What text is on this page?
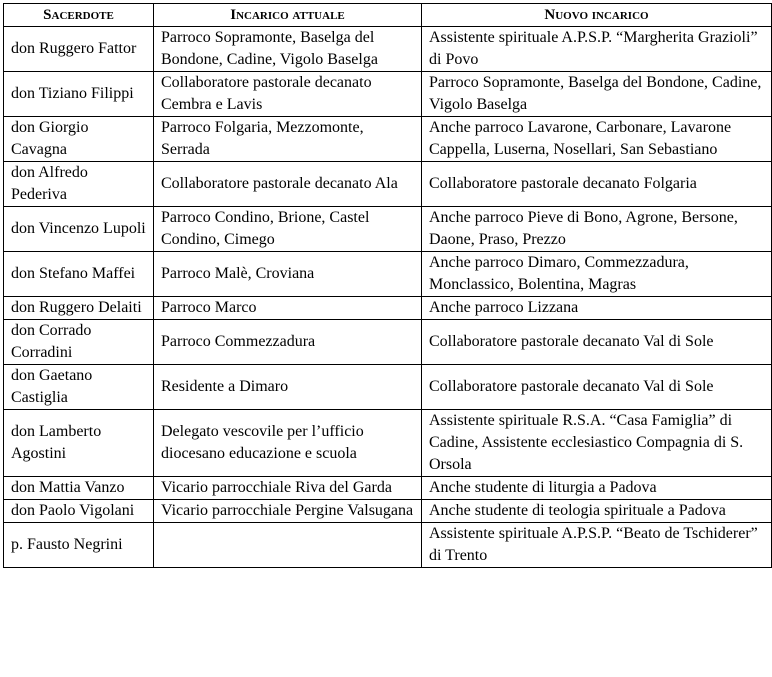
Sacerdote	Incarico attuale	Nuovo incarico
don Ruggero Fattor	Parroco Sopramonte, Baselga del Bondone, Cadine, Vigolo Baselga	Assistente spirituale A.P.S.P. “Margherita Grazioli” di Povo
don Tiziano Filippi	Collaboratore pastorale decanato Cembra e Lavis	Parroco Sopramonte, Baselga del Bondone, Cadine, Vigolo Baselga
don Giorgio Cavagna	Parroco Folgaria, Mezzomonte, Serrada	Anche parroco Lavarone, Carbonare, Lavarone Cappella, Luserna, Nosellari, San Sebastiano
don Alfredo Pederiva	Collaboratore pastorale decanato Ala	Collaboratore pastorale decanato Folgaria
don Vincenzo Lupoli	Parroco Condino, Brione, Castel Condino, Cimego	Anche parroco Pieve di Bono, Agrone, Bersone, Daone, Praso, Prezzo
don Stefano Maffei	Parroco Malè, Croviana	Anche parroco Dimaro, Commezzadura, Monclassico, Bolentina, Magras
don Ruggero Delaiti	Parroco Marco	Anche parroco Lizzana
don Corrado Corradini	Parroco Commezzadura	Collaboratore pastorale decanato Val di Sole
don Gaetano Castiglia	Residente a Dimaro	Collaboratore pastorale decanato Val di Sole
don Lamberto Agostini	Delegato vescovile per l’ufficio diocesano educazione e scuola	Assistente spirituale R.S.A. “Casa Famiglia” di Cadine, Assistente ecclesiastico Compagnia di S. Orsola
don Mattia Vanzo	Vicario parrocchiale Riva del Garda	Anche studente di liturgia a Padova
don Paolo Vigolani	Vicario parrocchiale Pergine Valsugana	Anche studente di teologia spirituale a Padova
p. Fausto Negrini		Assistente spirituale A.P.S.P. “Beato de Tschiderer” di Trento
